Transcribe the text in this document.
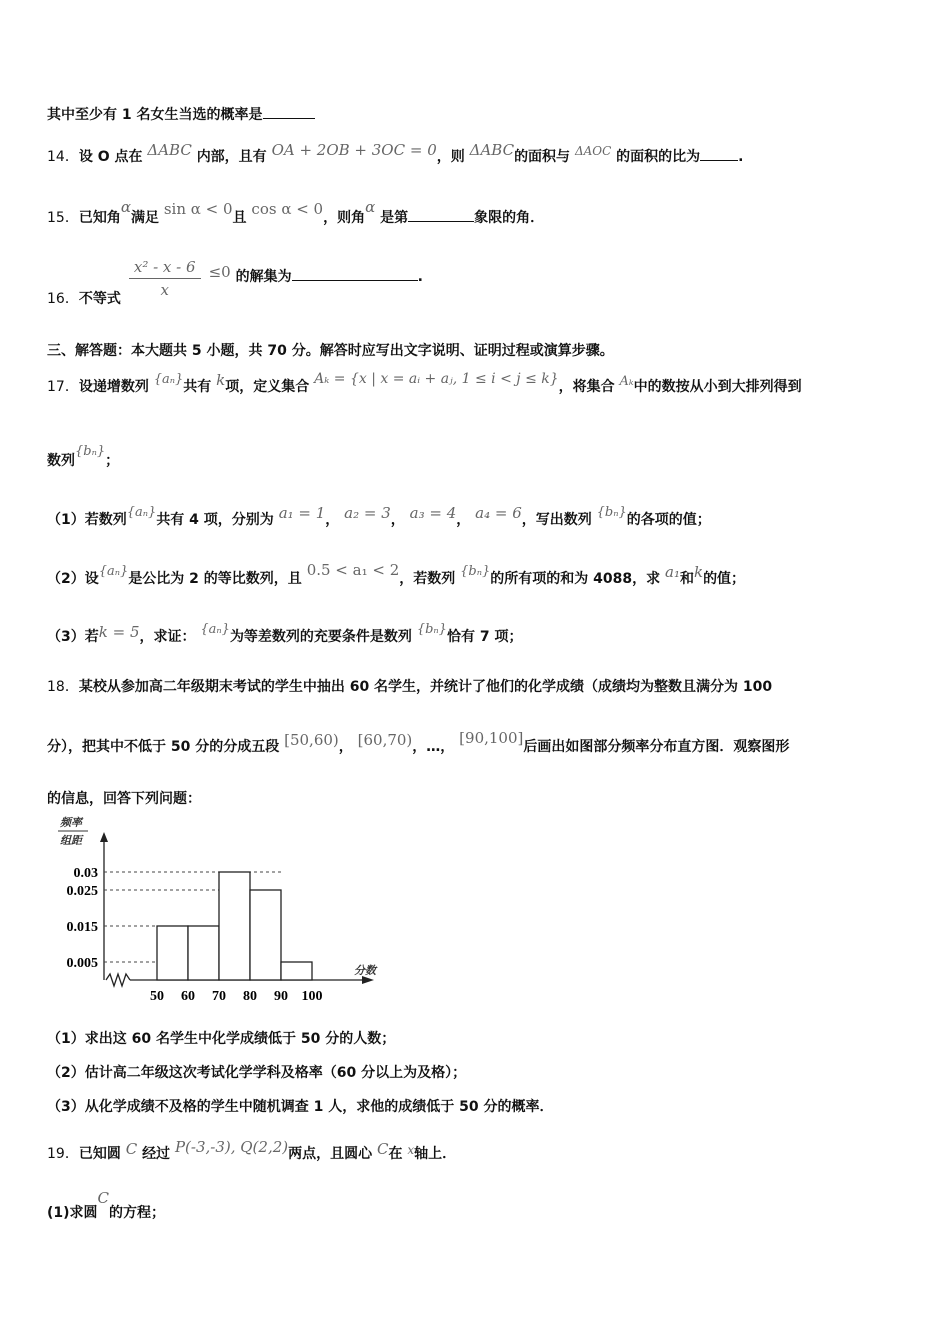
其中至少有 1 名女生当选的概率是
14．设 O 点在 ΔABC 内部，且有 OA + 2OB + 3OC = 0，则 ΔABC的面积与 ΔAOC 的面积的比为	.
15．已知角α满足 sin α < 0且 cos α < 0，则角α 是第	象限的角．
16．不等式 $\frac{\text{x² - x - 6}}{x} \le 0$ 的解集为	.
三、解答题：本大题共 5 小题，共 70 分。解答时应写出文字说明、证明过程或演算步骤。
17．设递增数列 {aₙ}共有 k项，定义集合 Aₖ = {x | x = aᵢ + aⱼ, 1 ≤ i < j ≤ k}，将集合 Aₖ中的数按从小到大排列得到
数列{bₙ}；
（1）若数列{aₙ}共有 4 项，分别为 a₁ = 1， a₂ = 3， a₃ = 4， a₄ = 6，写出数列 {bₙ}的各项的值；
（2）设{aₙ}是公比为 2 的等比数列，且 0.5 < a₁ < 2，若数列 {bₙ}的所有项的和为 4088，求 a₁和k的值；
（3）若k = 5，求证： {aₙ}为等差数列的充要条件是数列 {bₙ}恰有 7 项；
18．某校从参加高二年级期末考试的学生中抽出 60 名学生，并统计了他们的化学成绩（成绩均为整数且满分为 100
分），把其中不低于 50 分的分成五段 [50,60)， [60,70)，…， [90,100]后画出如图部分频率分布直方图．观察图形
的信息，回答下列问题：
频率
组距
分数
0.03
0.025
0.015
0.005
50 60 70 80 90 100
（1）求出这 60 名学生中化学成绩低于 50 分的人数；
（2）估计高二年级这次考试化学学科及格率（60 分以上为及格）；
（3）从化学成绩不及格的学生中随机调查 1 人，求他的成绩低于 50 分的概率．
19．已知圆 C 经过 P(-3,-3), Q(2,2)两点，且圆心 C在 x轴上．
(1)求圆C的方程；
